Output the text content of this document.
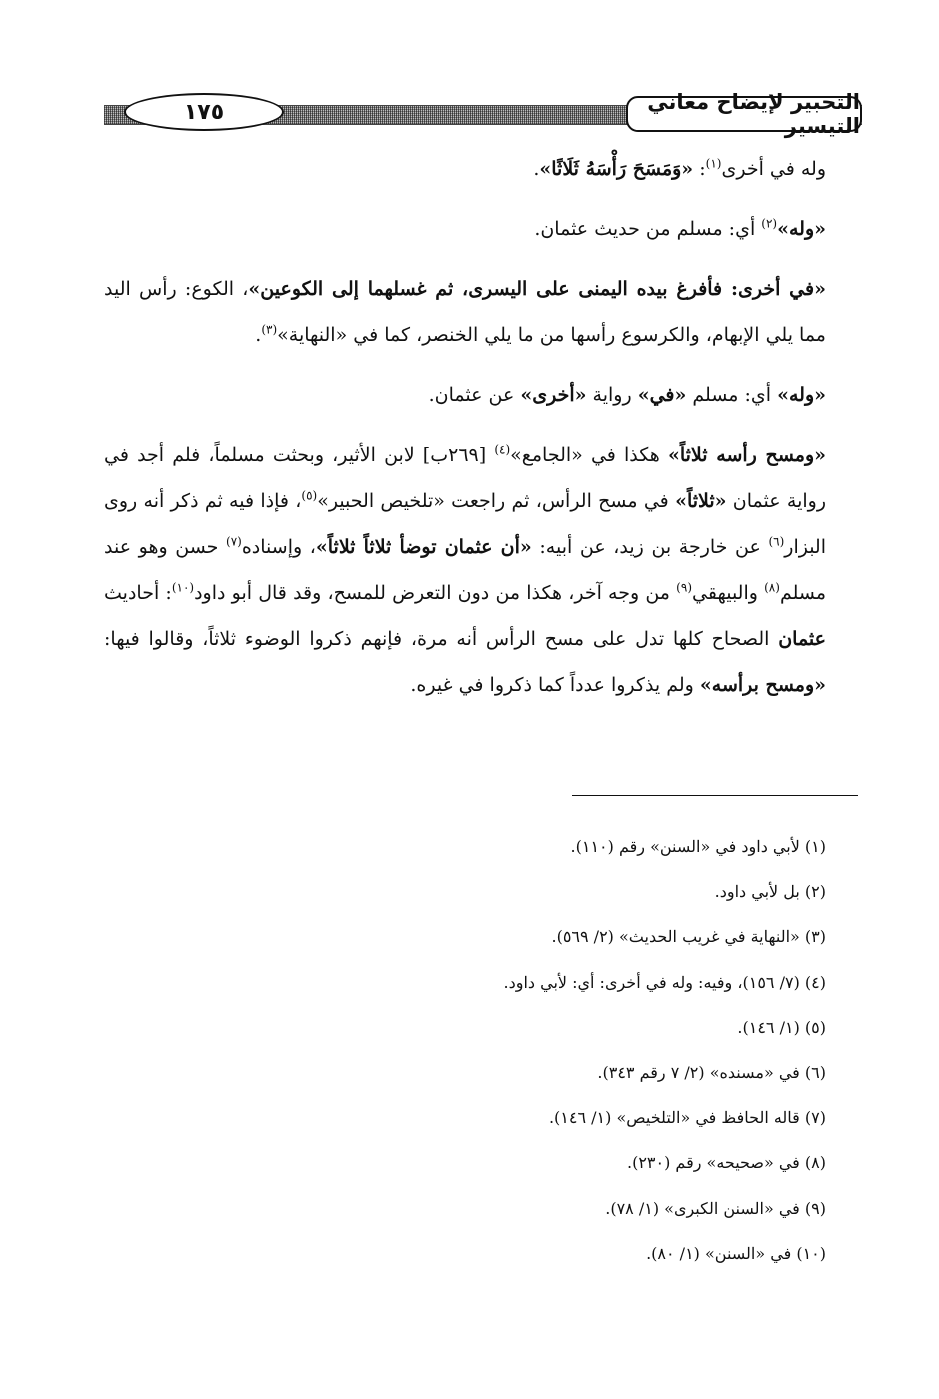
١٧٥	التحبير لإيضاح معاني التيسير

وله في أخرى$^{(١)}$: «وَمَسَحَ رَأْسَهُ ثَلَاثًا».

«وله»$^{(٢)}$ أي: مسلم من حديث عثمان.

«في أخرى: فأفرغ بيده اليمنى على اليسرى، ثم غسلهما إلى الكوعين»، الكوع: رأس اليد مما يلي الإبهام، والكرسوع رأسها من ما يلي الخنصر، كما في «النهاية»$^{(٣)}$.

«وله» أي: مسلم «في» رواية «أخرى» عن عثمان.

«ومسح رأسه ثلاثاً» هكذا في «الجامع»$^{(٤)}$ [٢٦٩ب] لابن الأثير، وبحثت مسلماً، فلم أجد في رواية عثمان «ثلاثاً» في مسح الرأس، ثم راجعت «تلخيص الحبير»$^{(٥)}$، فإذا فيه ثم ذكر أنه روى البزار$^{(٦)}$ عن خارجة بن زيد، عن أبيه: «أن عثمان توضأ ثلاثاً ثلاثاً»، وإسناده$^{(٧)}$ حسن وهو عند مسلم$^{(٨)}$ والبيهقي$^{(٩)}$ من وجه آخر، هكذا من دون التعرض للمسح، وقد قال أبو داود$^{(١٠)}$: أحاديث عثمان الصحاح كلها تدل على مسح الرأس أنه مرة، فإنهم ذكروا الوضوء ثلاثاً، وقالوا فيها: «ومسح برأسه» ولم يذكروا عدداً كما ذكروا في غيره.

(١) لأبي داود في «السنن» رقم (١١٠).
(٢) بل لأبي داود.
(٣) «النهاية في غريب الحديث» (٢/ ٥٦٩).
(٤) (٧/ ١٥٦)، وفيه: وله في أخرى: أي: لأبي داود.
(٥) (١/ ١٤٦).
(٦) في «مسنده» (٢/ ٧ رقم ٣٤٣).
(٧) قاله الحافظ في «التلخيص» (١/ ١٤٦).
(٨) في «صحيحه» رقم (٢٣٠).
(٩) في «السنن الكبرى» (١/ ٧٨).
(١٠) في «السنن» (١/ ٨٠).
